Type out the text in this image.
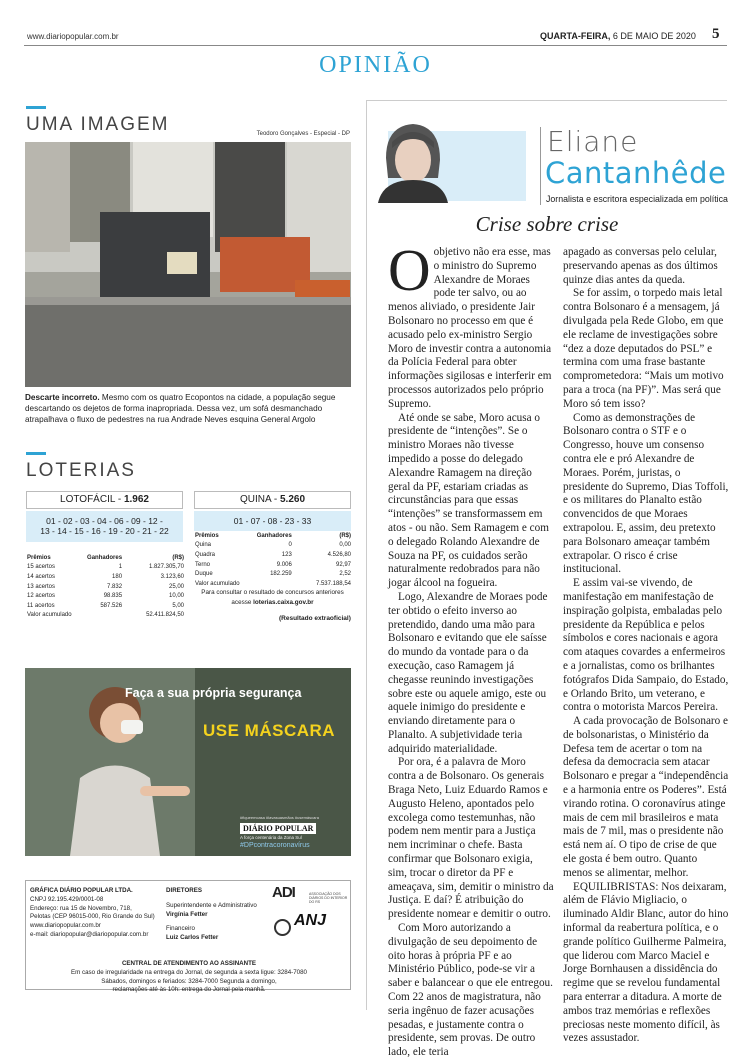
www.diariopopular.com.br	QUARTA-FEIRA, 6 DE MAIO DE 2020 5
OPINIÃO
UMA IMAGEM	Teodoro Gonçalves - Especial - DP
Descarte incorreto. Mesmo com os quatro Ecopontos na cidade, a população segue descartando os dejetos de forma inapropriada. Dessa vez, um sofá desmanchado atrapalhava o fluxo de pedestres na rua Andrade Neves esquina General Argolo
LOTERIAS
LOTOFÁCIL - 1.962
01 - 02 - 03 - 04 - 06 - 09 - 12 -
13 - 14 - 15 - 16 - 19 - 20 - 21 - 22
Prêmios	Ganhadores	(R$)
15 acertos	1	1.827.305,70
14 acertos	180	3.123,60
13 acertos	7.832	25,00
12 acertos	98.835	10,00
11 acertos	587.526	5,00
Valor acumulado		52.411.824,50
QUINA - 5.260
01 - 07 - 08 - 23 - 33
Prêmios	Ganhadores	(R$)
Quina	0	0,00
Quadra	123	4.526,80
Terno	9.006	92,97
Duque	182.259	2,52
Valor acumulado		7.537.188,54
Para consultar o resultado de concursos anteriores
acesse loterias.caixa.gov.br
(Resultado extraoficial)
Faça a sua própria segurança
USE MÁSCARA
#fiqueemcasa #lavasuasmãos #usemáscara
DIÁRIO POPULAR
A força centenária da Zona Sul
#DPcontracoronavírus
GRÁFICA DIÁRIO POPULAR LTDA.
CNPJ 92.195.429/0001-08
Endereço: rua 15 de Novembro, 718,
Pelotas (CEP 96015-000, Rio Grande do Sul)
www.diariopopular.com.br
e-mail: diariopopular@diariopopular.com.br
DIRETORES
Superintendente e Administrativo
Virgínia Fetter
Financeiro
Luiz Carlos Fetter
ADI	ASSOCIAÇÃO DOS DIÁRIOS DO INTERIOR DO RS
ANJ
CENTRAL DE ATENDIMENTO AO ASSINANTE
Em caso de irregularidade na entrega do Jornal, de segunda a sexta ligue: 3284-7080
Sábados, domingos e feriados: 3284-7000 Segunda a domingo,
reclamações até às 10h: entrega do Jornal pela manhã.
Eliane
Cantanhêde
Jornalista e escritora especializada em política
Crise sobre crise

Oobjetivo não era esse, mas o ministro do Supremo Alexandre de Moraes pode ter salvo, ou ao menos aliviado, o presidente Jair Bolsonaro no processo em que é acusado pelo ex-ministro Sergio Moro de investir contra a autonomia da Polícia Federal para obter informações sigilosas e interferir em processos autorizados pelo próprio Supremo.

Até onde se sabe, Moro acusa o presidente de “intenções”. Se o ministro Moraes não tivesse impedido a posse do delegado Alexandre Ramagem na direção geral da PF, estariam criadas as circunstâncias para que essas “intenções” se transformassem em atos - ou não. Sem Ramagem e com o delegado Rolando Alexandre de Souza na PF, os cuidados serão naturalmente redobrados para não jogar álcool na fogueira.

Logo, Alexandre de Moraes pode ter obtido o efeito inverso ao pretendido, dando uma mão para Bolsonaro e evitando que ele saísse do mundo da vontade para o da execução, caso Ramagem já chegasse reunindo investigações sobre este ou aquele amigo, este ou aquele inimigo do presidente e enviando diretamente para o Planalto. A subjetividade teria adquirido materialidade.

Por ora, é a palavra de Moro contra a de Bolsonaro. Os generais Braga Neto, Luiz Eduardo Ramos e Augusto Heleno, apontados pelo excolega como testemunhas, não podem nem mentir para a Justiça nem incriminar o chefe. Basta confirmar que Bolsonaro exigia, sim, trocar o diretor da PF e ameaçava, sim, demitir o ministro da Justiça. E daí? É atribuição do presidente nomear e demitir o outro.

Com Moro autorizando a divulgação de seu depoimento de oito horas à própria PF e ao Ministério Público, pode-se vir a saber e balancear o que ele entregou. Com 22 anos de magistratura, não seria ingênuo de fazer acusações pesadas, e justamente contra o presidente, sem provas. De outro lado, ele teria

apagado as conversas pelo celular, preservando apenas as dos últimos quinze dias antes da queda.

Se for assim, o torpedo mais letal contra Bolsonaro é a mensagem, já divulgada pela Rede Globo, em que ele reclame de investigações sobre “dez a doze deputados do PSL” e termina com uma frase bastante comprometedora: “Mais um motivo para a troca (na PF)”. Mas será que Moro só tem isso?

Como as demonstrações de Bolsonaro contra o STF e o Congresso, houve um consenso contra ele e pró Alexandre de Moraes. Porém, juristas, o presidente do Supremo, Dias Toffoli, e os militares do Planalto estão convencidos de que Moraes extrapolou. E, assim, deu pretexto para Bolsonaro ameaçar também extrapolar. O risco é crise institucional.

E assim vai-se vivendo, de manifestação em manifestação de inspiração golpista, embaladas pelo presidente da República e pelos símbolos e cores nacionais e agora com ataques covardes a enfermeiros e a jornalistas, como os brilhantes fotógrafos Dida Sampaio, do Estado, e Orlando Brito, um veterano, e contra o motorista Marcos Pereira.

A cada provocação de Bolsonaro e de bolsonaristas, o Ministério da Defesa tem de acertar o tom na defesa da democracia sem atacar Bolsonaro e pregar a “independência e a harmonia entre os Poderes”. Está virando rotina. O coronavírus atinge mais de cem mil brasileiros e mata mais de 7 mil, mas o presidente não está nem aí. O tipo de crise de que ele gosta é bem outro. Quanto menos se alimentar, melhor.

EQUILIBRISTAS: Nos deixaram, além de Flávio Migliacio, o iluminado Aldir Blanc, autor do hino informal da reabertura política, e o grande político Guilherme Palmeira, que liderou com Marco Maciel e Jorge Bornhausen a dissidência do regime que se revelou fundamental para enterrar a ditadura. A morte de ambos traz memórias e reflexões preciosas neste momento difícil, às vezes assustador.
